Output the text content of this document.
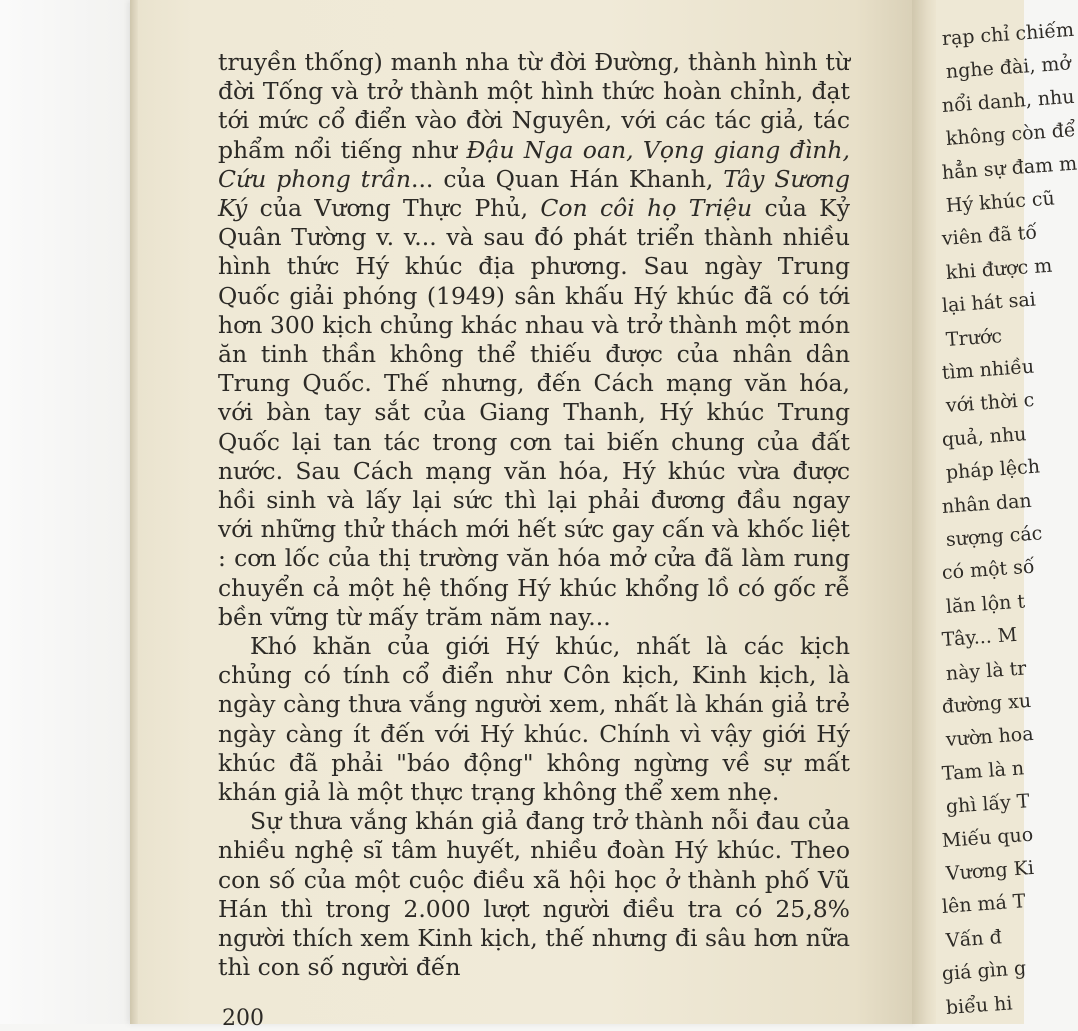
rạp chỉ chiếm
nghe đài, mở
nổi danh, nhu
không còn để
hẳn sự đam m
Hý khúc cũ
viên đã tố
khi được m
lại hát sai
Trước
tìm nhiều
với thời c
quả, nhu
pháp lệch
nhân dan
sượng các
có một số
lăn lộn t
Tây... M
này là tr
đường xu
vườn hoa
Tam là n
ghì lấy T
Miếu quo
Vương Ki
lên má T
Vấn đ
giá gìn g
biểu hi

truyền thống) manh nha từ đời Đường, thành hình từ đời Tống và trở thành một hình thức hoàn chỉnh, đạt tới mức cổ điển vào đời Nguyên, với các tác giả, tác phẩm nổi tiếng như Đậu Nga oan, Vọng giang đình, Cứu phong trần... của Quan Hán Khanh, Tây Sương Ký của Vương Thực Phủ, Con côi họ Triệu của Kỷ Quân Tường v. v... và sau đó phát triển thành nhiều hình thức Hý khúc địa phương. Sau ngày Trung Quốc giải phóng (1949) sân khấu Hý khúc đã có tới hơn 300 kịch chủng khác nhau và trở thành một món ăn tinh thần không thể thiếu được của nhân dân Trung Quốc. Thế nhưng, đến Cách mạng văn hóa, với bàn tay sắt của Giang Thanh, Hý khúc Trung Quốc lại tan tác trong cơn tai biến chung của đất nước. Sau Cách mạng văn hóa, Hý khúc vừa được hồi sinh và lấy lại sức thì lại phải đương đầu ngay với những thử thách mới hết sức gay cấn và khốc liệt : cơn lốc của thị trường văn hóa mở cửa đã làm rung chuyển cả một hệ thống Hý khúc khổng lồ có gốc rễ bền vững từ mấy trăm năm nay...

Khó khăn của giới Hý khúc, nhất là các kịch chủng có tính cổ điển như Côn kịch, Kinh kịch, là ngày càng thưa vắng người xem, nhất là khán giả trẻ ngày càng ít đến với Hý khúc. Chính vì vậy giới Hý khúc đã phải "báo động" không ngừng về sự mất khán giả là một thực trạng không thể xem nhẹ.

Sự thưa vắng khán giả đang trở thành nỗi đau của nhiều nghệ sĩ tâm huyết, nhiều đoàn Hý khúc. Theo con số của một cuộc điều xã hội học ở thành phố Vũ Hán thì trong 2.000 lượt người điều tra có 25,8% người thích xem Kinh kịch, thế nhưng đi sâu hơn nữa thì con số người đến

200
